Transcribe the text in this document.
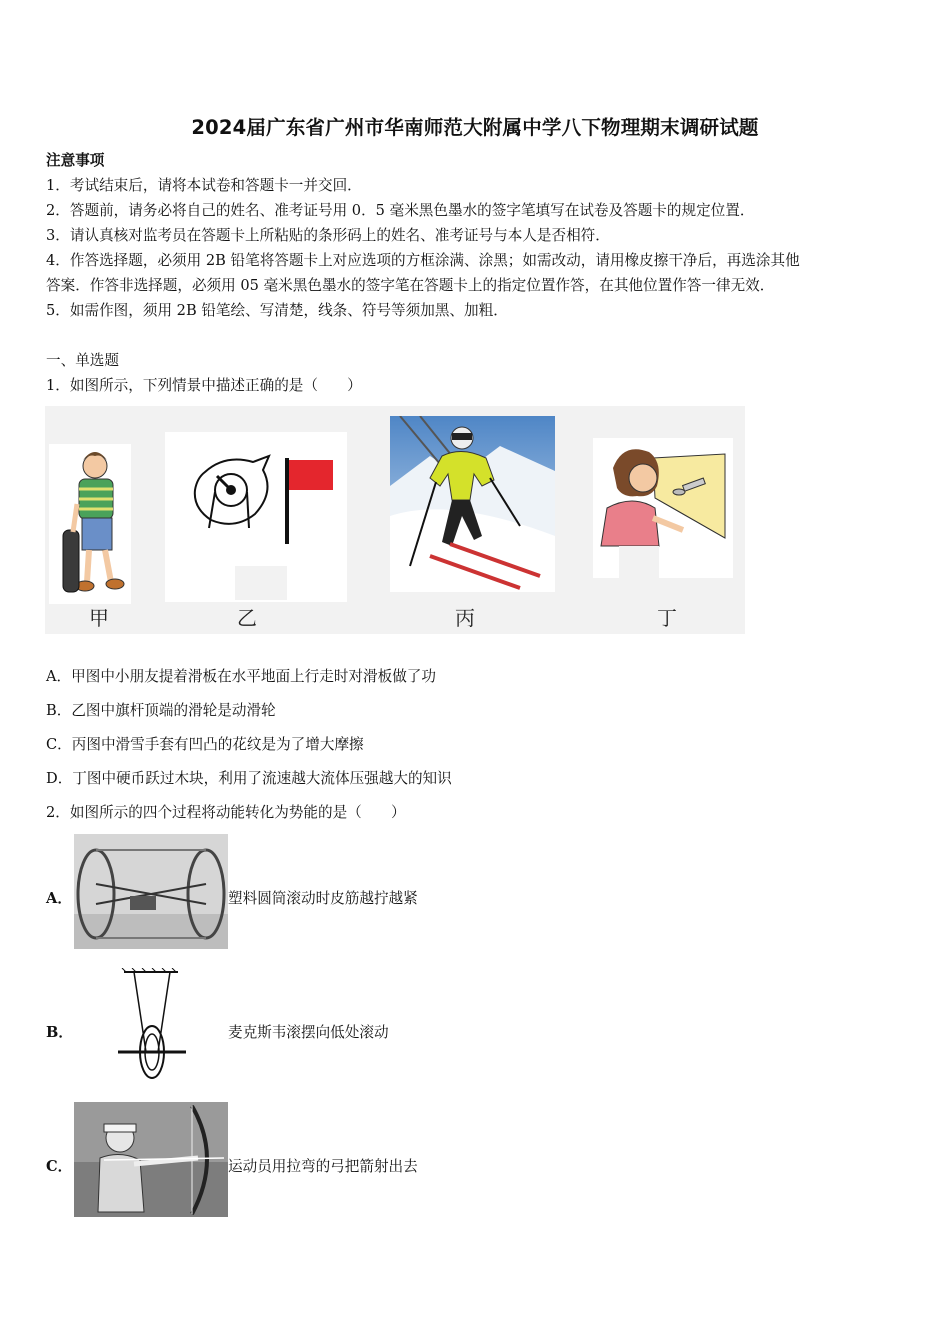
2024届广东省广州市华南师范大附属中学八下物理期末调研试题
注意事项
1．考试结束后，请将本试卷和答题卡一并交回．
2．答题前，请务必将自己的姓名、准考证号用 0．5 毫米黑色墨水的签字笔填写在试卷及答题卡的规定位置．
3．请认真核对监考员在答题卡上所粘贴的条形码上的姓名、准考证号与本人是否相符．
4．作答选择题，必须用 2B 铅笔将答题卡上对应选项的方框涂满、涂黑；如需改动，请用橡皮擦干净后，再选涂其他
答案．作答非选择题，必须用 05 毫米黑色墨水的签字笔在答题卡上的指定位置作答，在其他位置作答一律无效．
5．如需作图，须用 2B 铅笔绘、写清楚，线条、符号等须加黑、加粗．
一、单选题
1．如图所示，下列情景中描述正确的是（　　）
甲	乙	丙	丁
A．甲图中小朋友提着滑板在水平地面上行走时对滑板做了功
B．乙图中旗杆顶端的滑轮是动滑轮
C．丙图中滑雪手套有凹凸的花纹是为了增大摩擦
D．丁图中硬币跃过木块，利用了流速越大流体压强越大的知识
2．如图所示的四个过程将动能转化为势能的是（　　）
A．	塑料圆筒滚动时皮筋越拧越紧
B．	麦克斯韦滚摆向低处滚动
C．	运动员用拉弯的弓把箭射出去
